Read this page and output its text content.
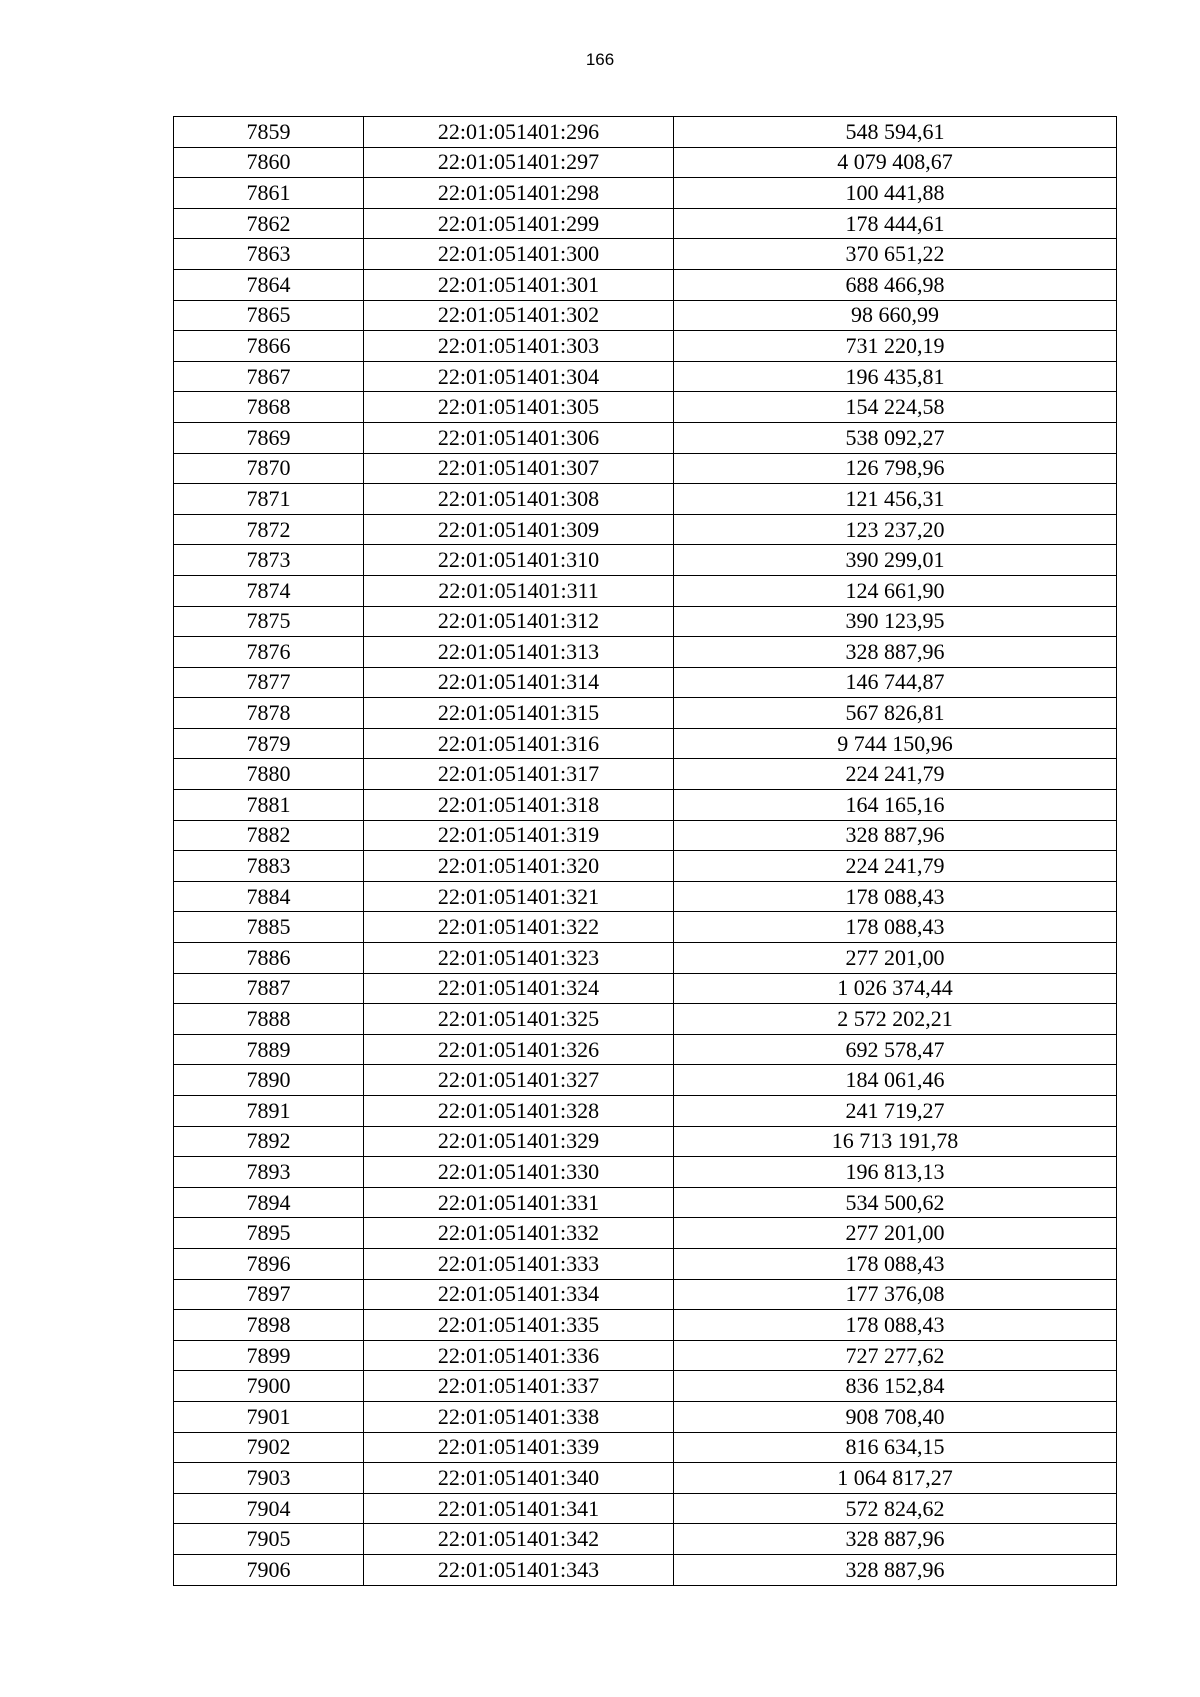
166
7859	22:01:051401:296	548 594,61
7860	22:01:051401:297	4 079 408,67
7861	22:01:051401:298	100 441,88
7862	22:01:051401:299	178 444,61
7863	22:01:051401:300	370 651,22
7864	22:01:051401:301	688 466,98
7865	22:01:051401:302	98 660,99
7866	22:01:051401:303	731 220,19
7867	22:01:051401:304	196 435,81
7868	22:01:051401:305	154 224,58
7869	22:01:051401:306	538 092,27
7870	22:01:051401:307	126 798,96
7871	22:01:051401:308	121 456,31
7872	22:01:051401:309	123 237,20
7873	22:01:051401:310	390 299,01
7874	22:01:051401:311	124 661,90
7875	22:01:051401:312	390 123,95
7876	22:01:051401:313	328 887,96
7877	22:01:051401:314	146 744,87
7878	22:01:051401:315	567 826,81
7879	22:01:051401:316	9 744 150,96
7880	22:01:051401:317	224 241,79
7881	22:01:051401:318	164 165,16
7882	22:01:051401:319	328 887,96
7883	22:01:051401:320	224 241,79
7884	22:01:051401:321	178 088,43
7885	22:01:051401:322	178 088,43
7886	22:01:051401:323	277 201,00
7887	22:01:051401:324	1 026 374,44
7888	22:01:051401:325	2 572 202,21
7889	22:01:051401:326	692 578,47
7890	22:01:051401:327	184 061,46
7891	22:01:051401:328	241 719,27
7892	22:01:051401:329	16 713 191,78
7893	22:01:051401:330	196 813,13
7894	22:01:051401:331	534 500,62
7895	22:01:051401:332	277 201,00
7896	22:01:051401:333	178 088,43
7897	22:01:051401:334	177 376,08
7898	22:01:051401:335	178 088,43
7899	22:01:051401:336	727 277,62
7900	22:01:051401:337	836 152,84
7901	22:01:051401:338	908 708,40
7902	22:01:051401:339	816 634,15
7903	22:01:051401:340	1 064 817,27
7904	22:01:051401:341	572 824,62
7905	22:01:051401:342	328 887,96
7906	22:01:051401:343	328 887,96
